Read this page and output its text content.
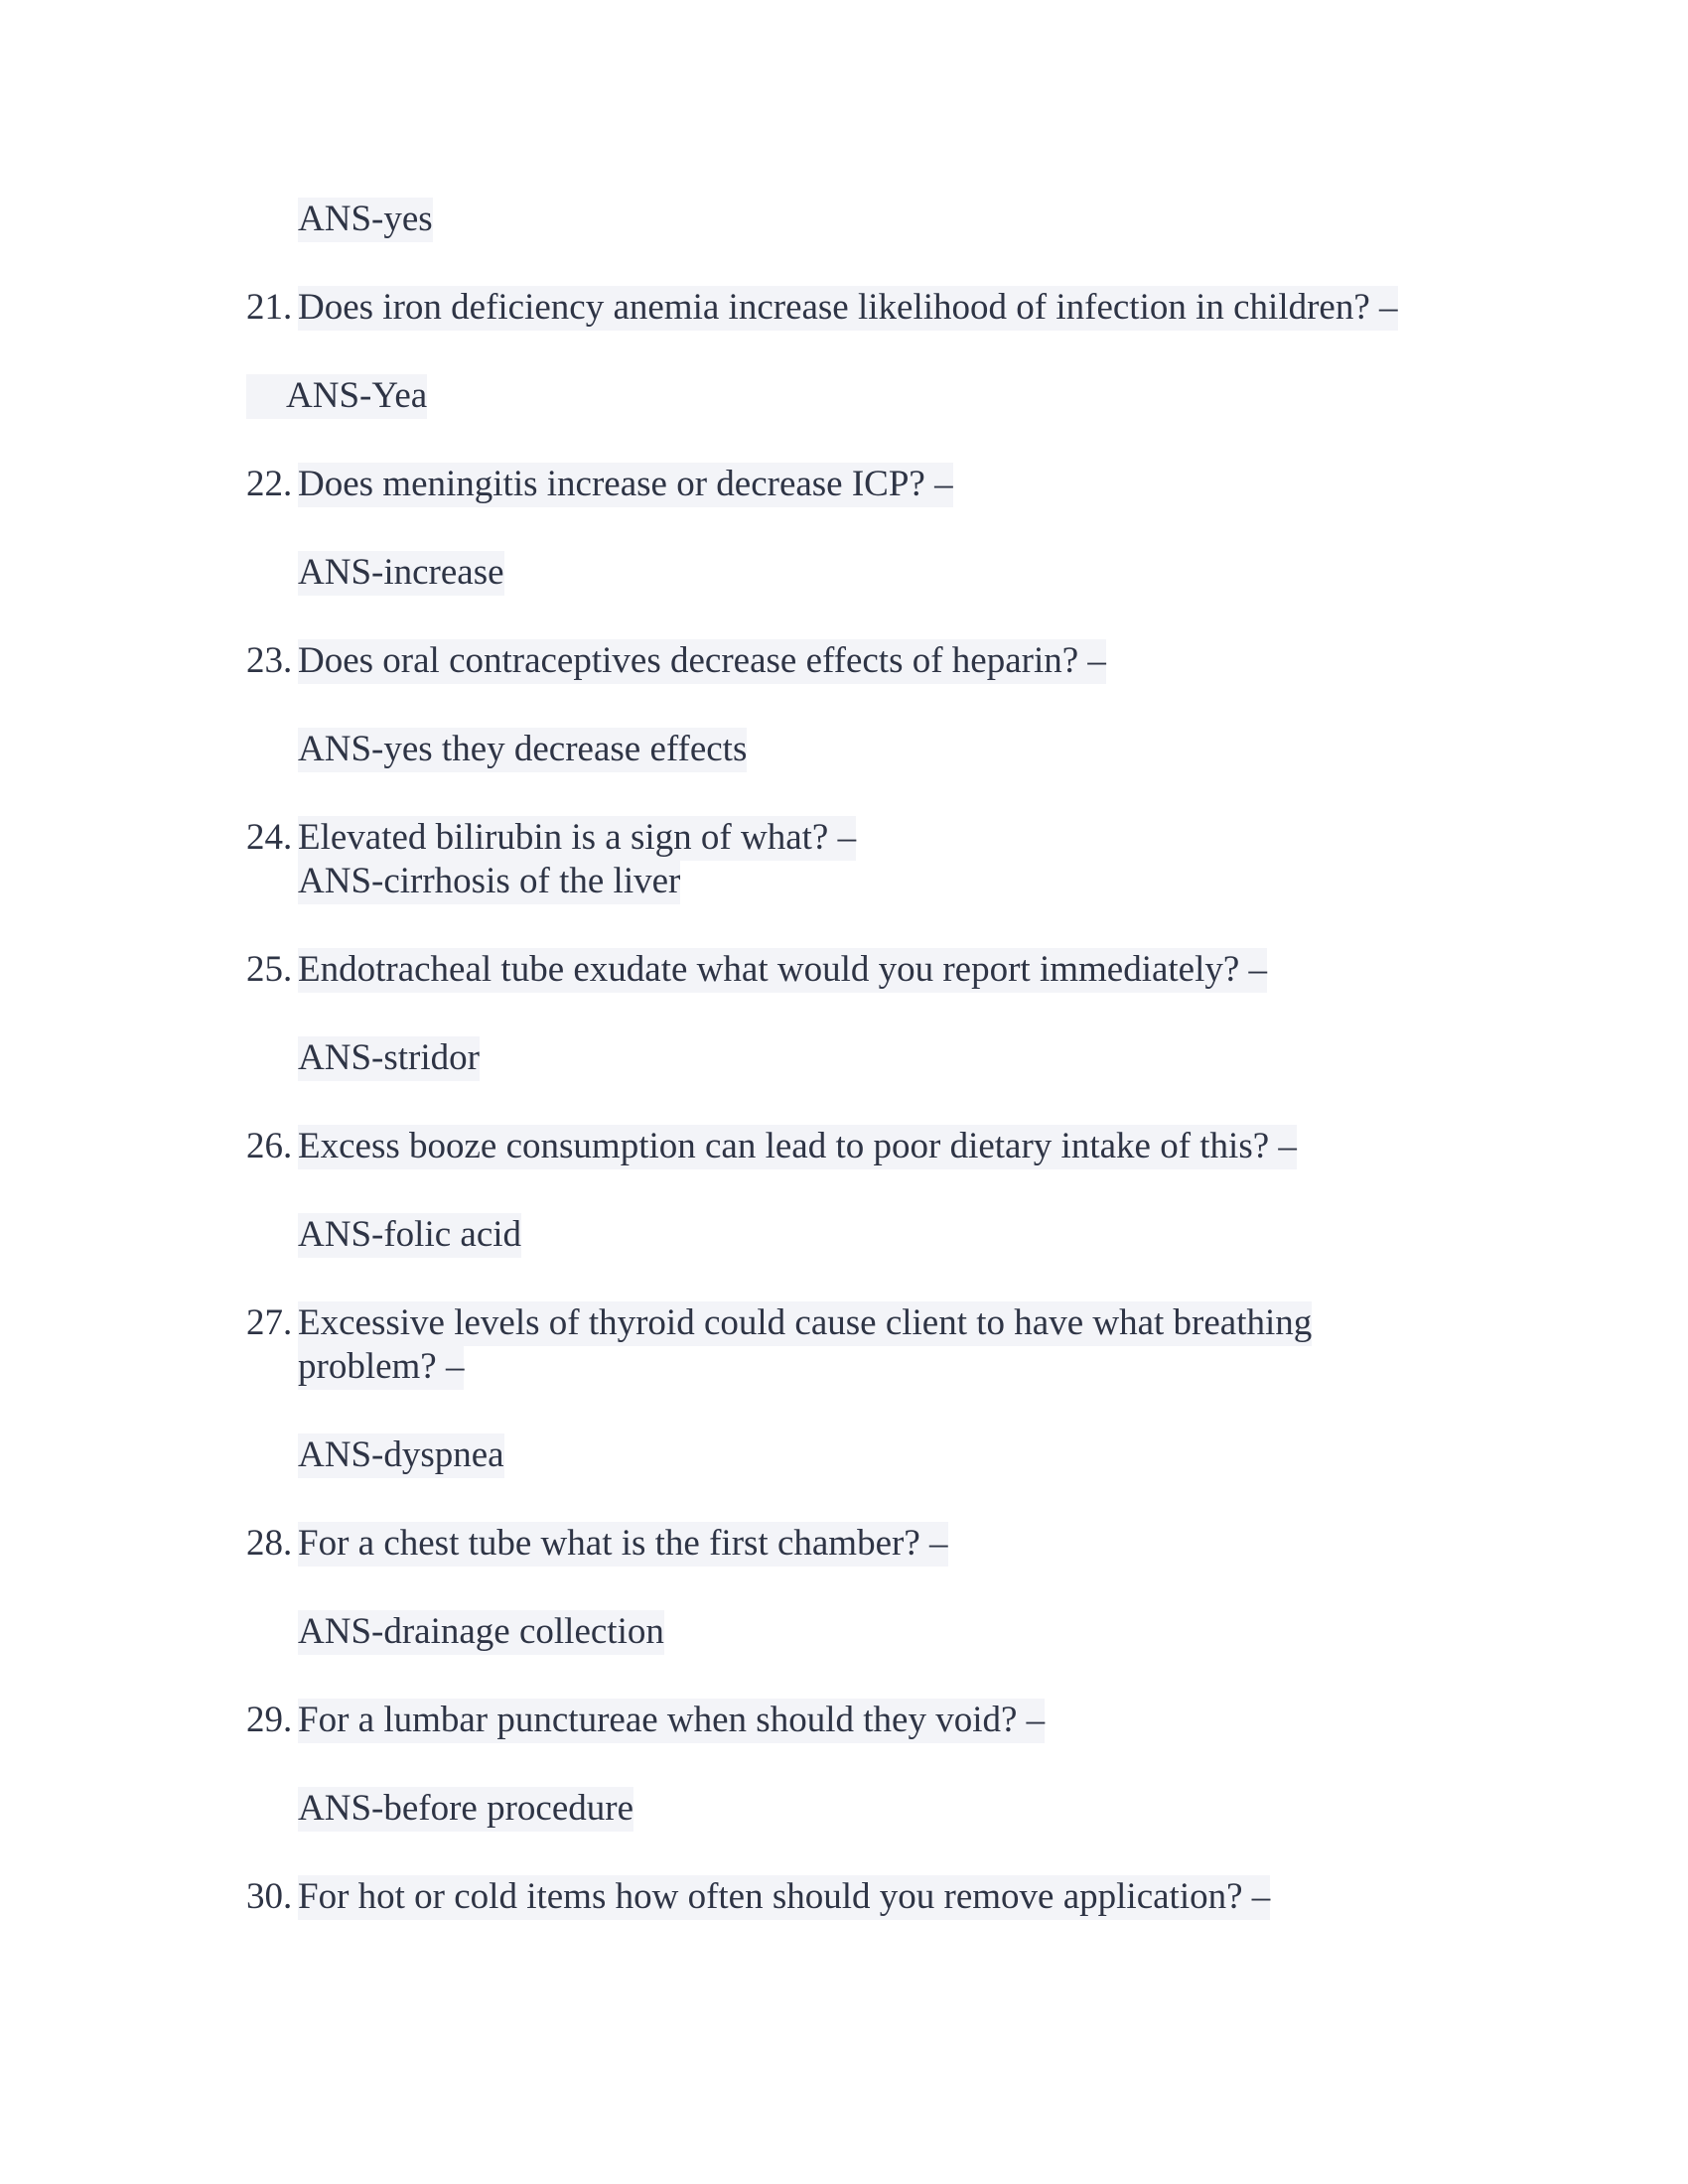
ANS-yes
21. Does iron deficiency anemia increase likelihood of infection in children? –
ANS-Yea
22. Does meningitis increase or decrease ICP? –
ANS-increase
23. Does oral contraceptives decrease effects of heparin? –
ANS-yes they decrease effects
24. Elevated bilirubin is a sign of what? –
ANS-cirrhosis of the liver
25. Endotracheal tube exudate what would you report immediately? –
ANS-stridor
26. Excess booze consumption can lead to poor dietary intake of this? –
ANS-folic acid
27. Excessive levels of thyroid could cause client to have what breathing
problem? –
ANS-dyspnea
28. For a chest tube what is the first chamber? –
ANS-drainage collection
29. For a lumbar punctureae when should they void? –
ANS-before procedure
30. For hot or cold items how often should you remove application? –
